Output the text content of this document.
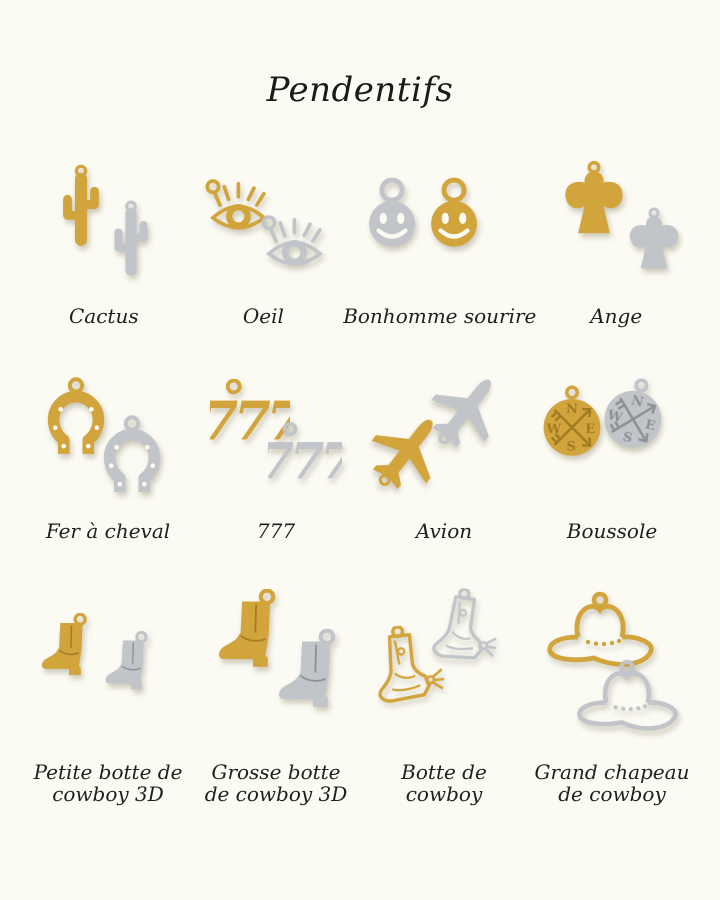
Pendentifs
Cactus	Oeil	Bonhomme sourire	Ange
Fer à cheval	777	Avion	Boussole
Petite botte de cowboy 3D
Grosse botte de cowboy 3D
Botte de cowboy
Grand chapeau de cowboy
